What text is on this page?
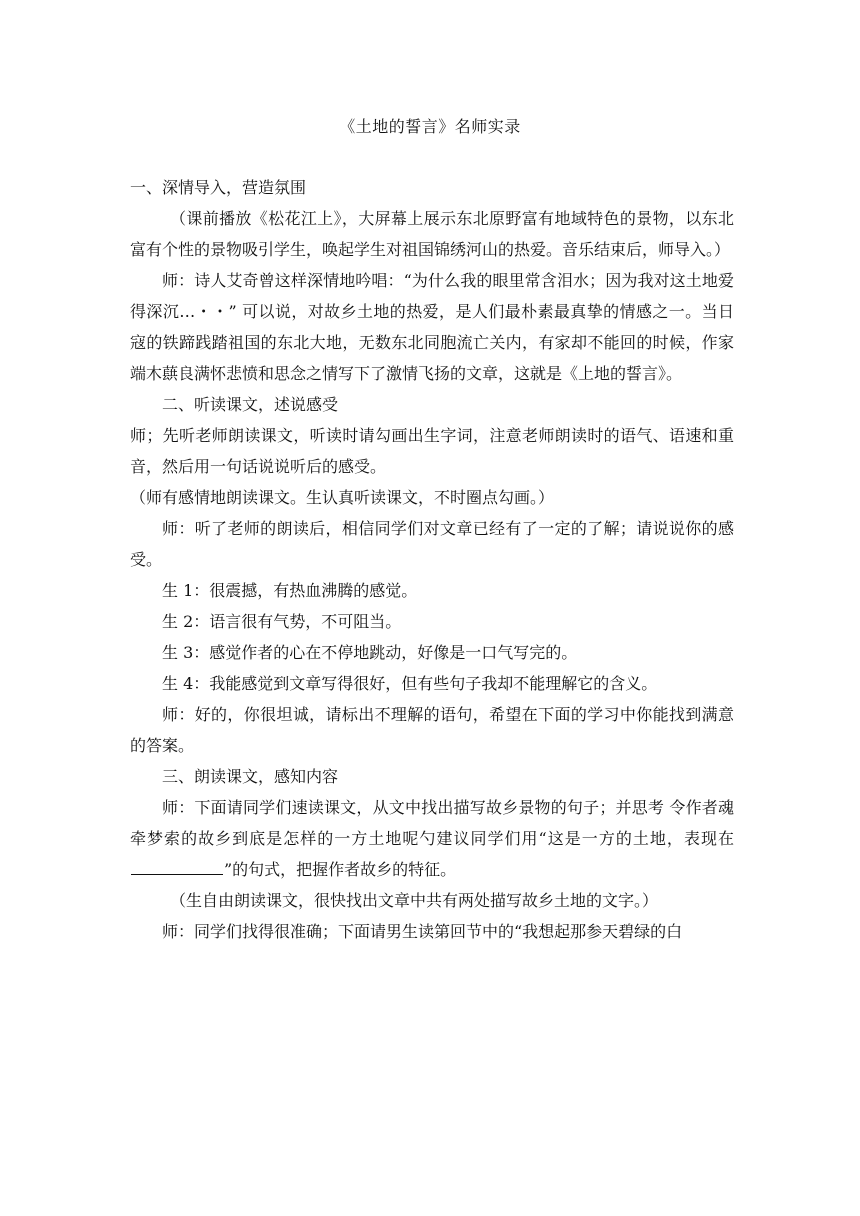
《土地的誓言》名师实录

一、深情导入，营造氛围

（课前播放《松花江上》，大屏幕上展示东北原野富有地域特色的景物，以东北富有个性的景物吸引学生，唤起学生对祖国锦绣河山的热爱。音乐结束后，师导入。）

师：诗人艾奇曾这样深情地吟唱：“为什么我的眼里常含泪水；因为我对这土地爱得深沉…・・” 可以说，对故乡土地的热爱，是人们最朴素最真挚的情感之一。当日寇的铁蹄践踏祖国的东北大地，无数东北同胞流亡关内，有家却不能回的时候，作家端木蕻良满怀悲愤和思念之情写下了激情飞扬的文章，这就是《上地的誓言》。

二、听读课文，述说感受

师；先听老师朗读课文，听读时请勾画出生字词，注意老师朗读时的语气、语速和重音，然后用一句话说说听后的感受。

（师有感情地朗读课文。生认真听读课文，不时圈点勾画。）

师：听了老师的朗读后，相信同学们对文章已经有了一定的了解；请说说你的感受。

生 1：很震撼，有热血沸腾的感觉。

生 2：语言很有气势，不可阻当。

生 3：感觉作者的心在不停地跳动，好像是一口气写完的。

生 4：我能感觉到文章写得很好，但有些句子我却不能理解它的含义。

师：好的，你很坦诚，请标出不理解的语句，希望在下面的学习中你能找到满意的答案。

三、朗读课文，感知内容

师：下面请同学们速读课文，从文中找出描写故乡景物的句子；并思考 令作者魂牵梦索的故乡到底是怎样的一方土地呢勺建议同学们用“这是一方的土地，表现在”的句式，把握作者故乡的特征。

（生自由朗读课文，很快找出文章中共有两处描写故乡土地的文字。）

师：同学们找得很准确；下面请男生读第回节中的“我想起那参天碧绿的白
